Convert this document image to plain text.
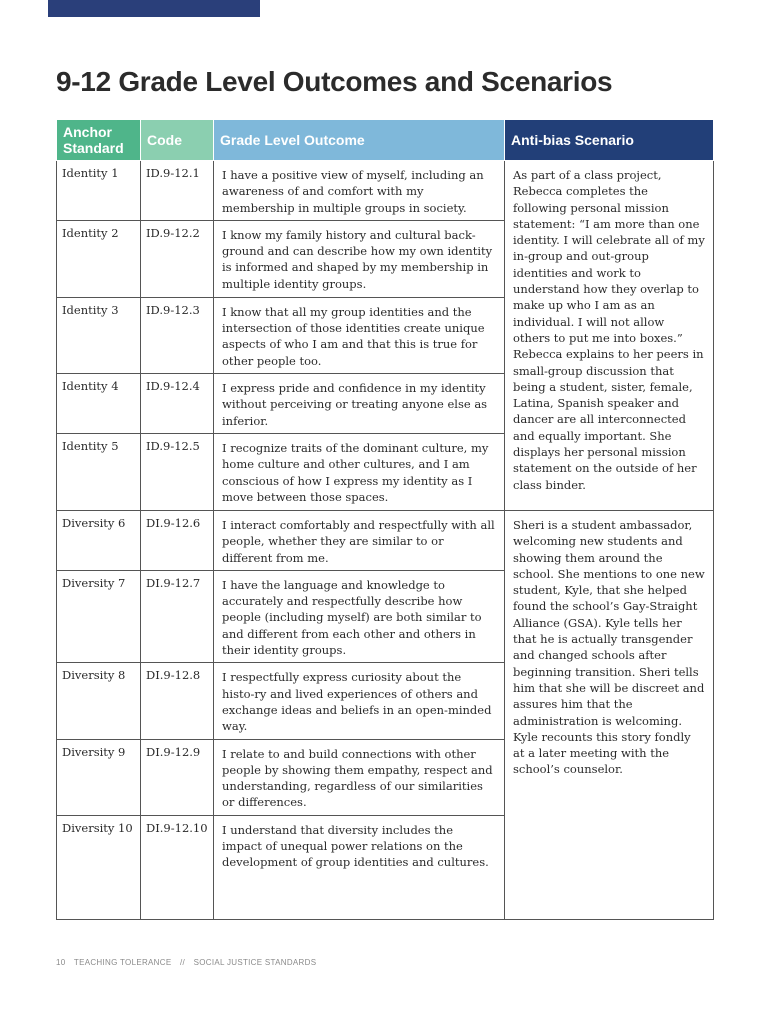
9-12 Grade Level Outcomes and Scenarios
Anchor Standard	Code	Grade Level Outcome	Anti-bias Scenario
Identity 1	ID.9-12.1	I have a positive view of myself, including an awareness of and comfort with my membership in multiple groups in society.	As part of a class project, Rebecca completes the following personal mission statement: “I am more than one identity. I will celebrate all of my in-group and out-group identities and work to understand how they overlap to make up who I am as an individual. I will not allow others to put me into boxes.” Rebecca explains to her peers in small-group discussion that being a student, sister, female, Latina, Spanish speaker and dancer are all interconnected and equally important. She displays her personal mission statement on the outside of her class binder.
Identity 2	ID.9-12.2	I know my family history and cultural back-ground and can describe how my own identity is informed and shaped by my membership in multiple identity groups.	
Identity 3	ID.9-12.3	I know that all my group identities and the intersection of those identities create unique aspects of who I am and that this is true for other people too.	
Identity 4	ID.9-12.4	I express pride and confidence in my identity without perceiving or treating anyone else as inferior.	
Identity 5	ID.9-12.5	I recognize traits of the dominant culture, my home culture and other cultures, and I am conscious of how I express my identity as I move between those spaces.	
Diversity 6	DI.9-12.6	I interact comfortably and respectfully with all people, whether they are similar to or different from me.	Sheri is a student ambassador, welcoming new students and showing them around the school. She mentions to one new student, Kyle, that she helped found the school’s Gay-Straight Alliance (GSA). Kyle tells her that he is actually transgender and changed schools after beginning transition. Sheri tells him that she will be discreet and assures him that the administration is welcoming. Kyle recounts this story fondly at a later meeting with the school’s counselor.
Diversity 7	DI.9-12.7	I have the language and knowledge to accurately and respectfully describe how people (including myself) are both similar to and different from each other and others in their identity groups.	
Diversity 8	DI.9-12.8	I respectfully express curiosity about the histo-ry and lived experiences of others and exchange ideas and beliefs in an open-minded way.	
Diversity 9	DI.9-12.9	I relate to and build connections with other people by showing them empathy, respect and understanding, regardless of our similarities or differences.	
Diversity 10	DI.9-12.10	I understand that diversity includes the impact of unequal power relations on the development of group identities and cultures.	
10 TEACHING TOLERANCE // SOCIAL JUSTICE STANDARDS
